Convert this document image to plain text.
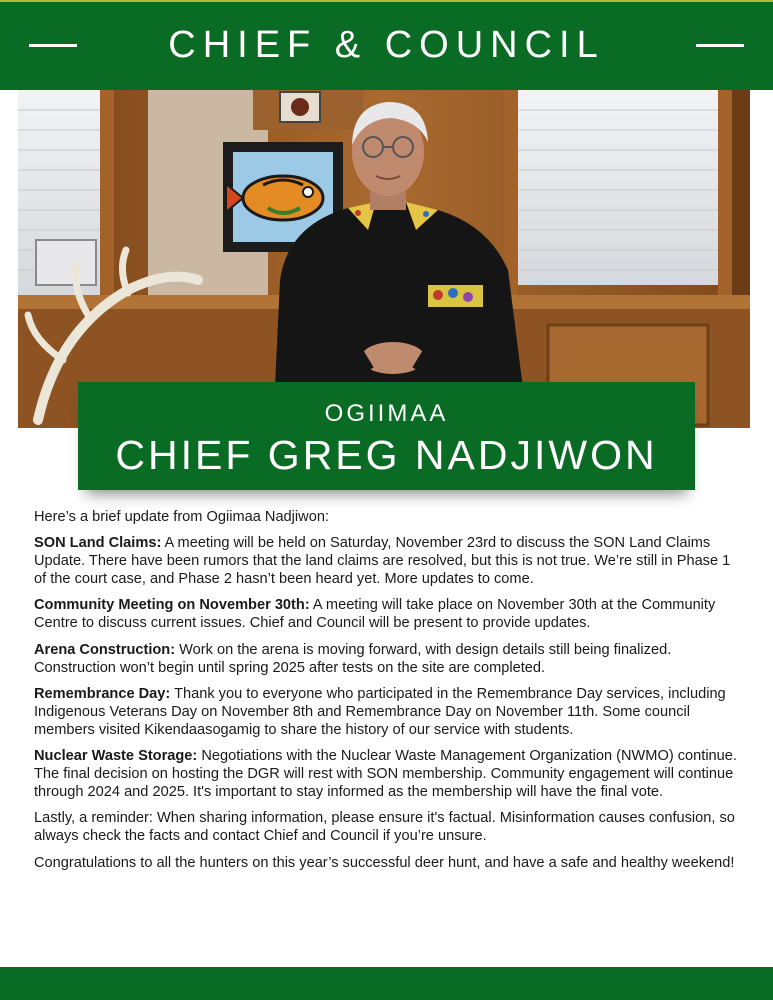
CHIEF & COUNCIL
OGIIMAA
CHIEF GREG NADJIWON

Here’s a brief update from Ogiimaa Nadjiwon:

SON Land Claims: A meeting will be held on Saturday, November 23rd to discuss the SON Land Claims Update. There have been rumors that the land claims are resolved, but this is not true. We’re still in Phase 1 of the court case, and Phase 2 hasn’t been heard yet. More updates to come.

Community Meeting on November 30th: A meeting will take place on November 30th at the Community Centre to discuss current issues. Chief and Council will be present to provide updates.

Arena Construction: Work on the arena is moving forward, with design details still being finalized. Construction won’t begin until spring 2025 after tests on the site are completed.

Remembrance Day: Thank you to everyone who participated in the Remembrance Day services, including Indigenous Veterans Day on November 8th and Remembrance Day on November 11th. Some council members visited Kikendaasogamig to share the history of our service with students.

Nuclear Waste Storage: Negotiations with the Nuclear Waste Management Organization (NWMO) continue. The final decision on hosting the DGR will rest with SON membership. Community engagement will continue through 2024 and 2025. It's important to stay informed as the membership will have the final vote.

Lastly, a reminder: When sharing information, please ensure it's factual. Misinformation causes confusion, so always check the facts and contact Chief and Council if you’re unsure.

Congratulations to all the hunters on this year’s successful deer hunt, and have a safe and healthy weekend!
